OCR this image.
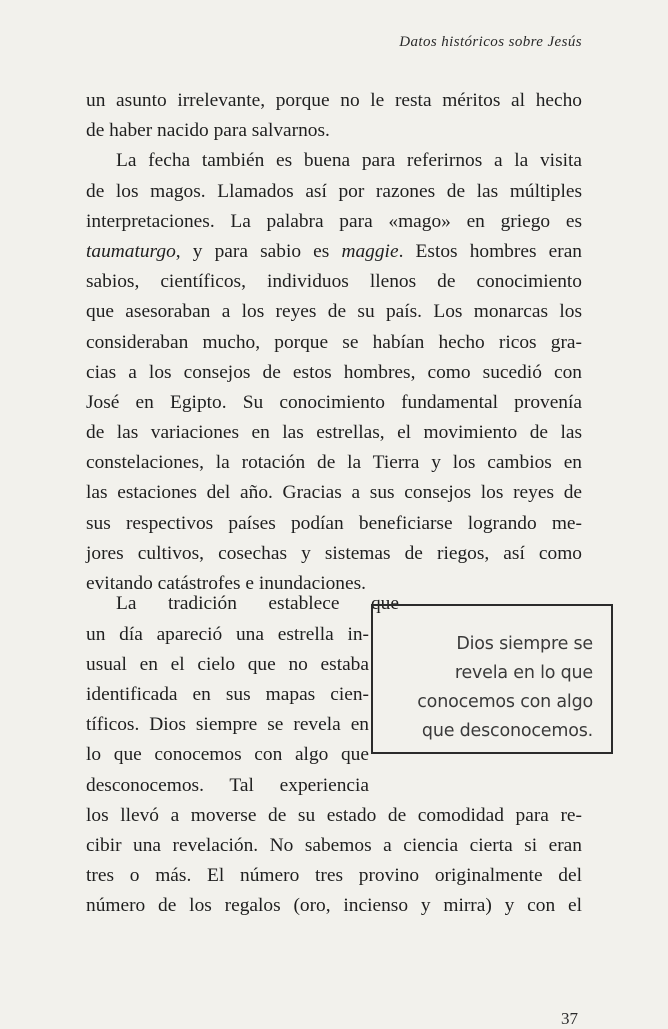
Datos históricos sobre Jesús
un asunto irrelevante, porque no le resta méritos al hecho
de haber nacido para salvarnos.
La fecha también es buena para referirnos a la visita
de los magos. Llamados así por razones de las múltiples
interpretaciones. La palabra para «mago» en griego es
taumaturgo, y para sabio es maggie. Estos hombres eran
sabios, científicos, individuos llenos de conocimiento
que asesoraban a los reyes de su país. Los monarcas los
consideraban mucho, porque se habían hecho ricos gra-
cias a los consejos de estos hombres, como sucedió con
José en Egipto. Su conocimiento fundamental provenía
de las variaciones en las estrellas, el movimiento de las
constelaciones, la rotación de la Tierra y los cambios en
las estaciones del año. Gracias a sus consejos los reyes de
sus respectivos países podían beneficiarse logrando me-
jores cultivos, cosechas y sistemas de riegos, así como
evitando catástrofes e inundaciones.
La tradición establece que
un día apareció una estrella in-
usual en el cielo que no estaba
identificada en sus mapas cien-
tíficos. Dios siempre se revela en
lo que conocemos con algo que
desconocemos. Tal experiencia
los llevó a moverse de su estado de comodidad para re-
cibir una revelación. No sabemos a ciencia cierta si eran
tres o más. El número tres provino originalmente del
número de los regalos (oro, incienso y mirra) y con el
Dios siempre se
revela en lo que
conocemos con algo
que desconocemos.
37
